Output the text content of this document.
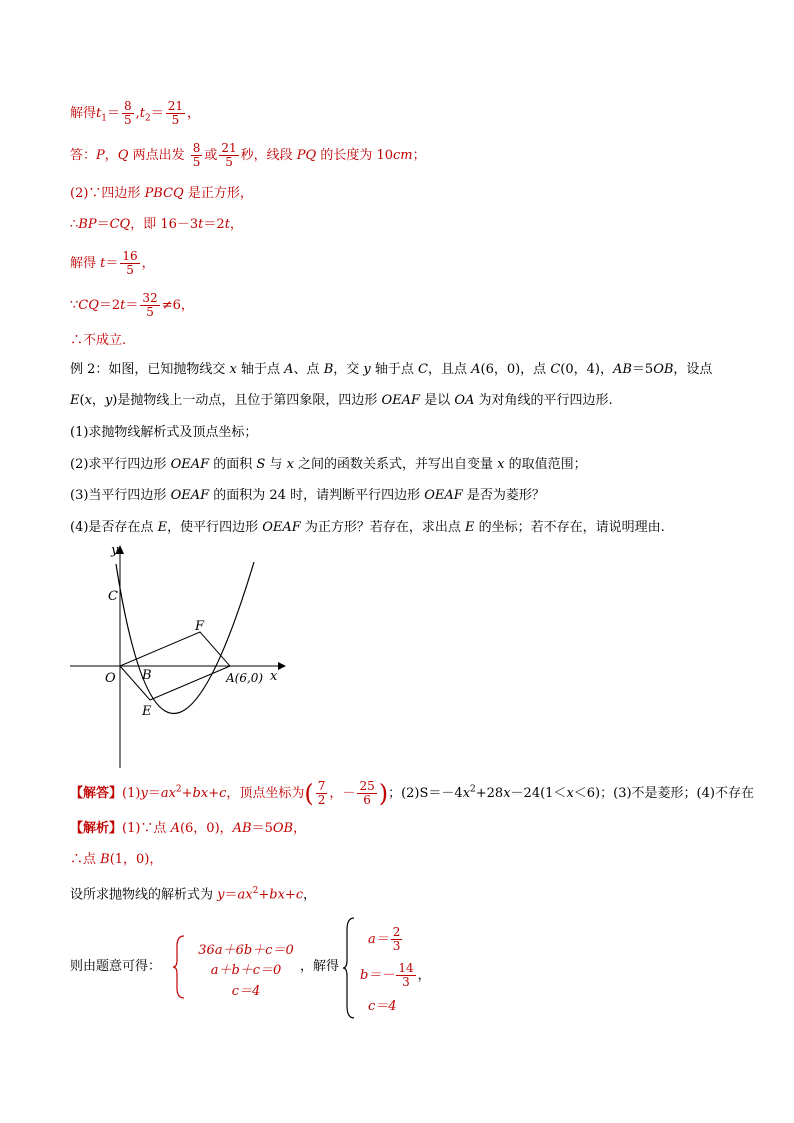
解得$t_1= \frac{8}{5} ,t_2= \frac{21}{5}$ ，
答：P，Q 两点出发 $\frac{8}{5}$ 或 $\frac{21}{5}$ 秒，线段 PQ 的长度为 10cm；
(2)∵四边形 PBCQ 是正方形，
∴BP＝CQ，即 16－3t＝2t，
解得 $t= \frac{16}{5}$ ，
∵CQ＝2t＝ $\frac{32}{5} \ne 6$，
∴不成立.
例 2：如图，已知抛物线交 x 轴于点 A、点 B，交 y 轴于点 C，且点 A(6，0)，点 C(0，4)，AB＝5OB，设点
E(x，y)是抛物线上一动点，且位于第四象限，四边形 OEAF 是以 OA 为对角线的平行四边形.
(1)求抛物线解析式及顶点坐标；
(2)求平行四边形 OEAF 的面积 S 与 x 之间的函数关系式，并写出自变量 x 的取值范围；
(3)当平行四边形 OEAF 的面积为 24 时，请判断平行四边形 OEAF 是否为菱形？
(4)是否存在点 E，使平行四边形 OEAF 为正方形？若存在，求出点 E 的坐标；若不存在，请说明理由.
y
x
C
F
O B	A(6,0)
E
【解答】$(1)y=ax^2+bx+c$，顶点坐标为( $\frac{7}{2}$ ，－ $\frac{25}{6}$ )；$(2)S=-4x^2+28x-24(1<x<6)$；(3)不是菱形；(4)不存在
【解析】(1)∵点 A(6，0)，AB＝5OB，
∴点 B(1，0)，
设所求抛物线的解析式为 $y=ax^2+bx+c$，
则由题意可得：
36a＋6b＋c＝0
a＋b＋c＝0
c＝4
，解得
$a= \frac{2}{3}$
$b=- \frac{14}{3}$ ，
c＝4
